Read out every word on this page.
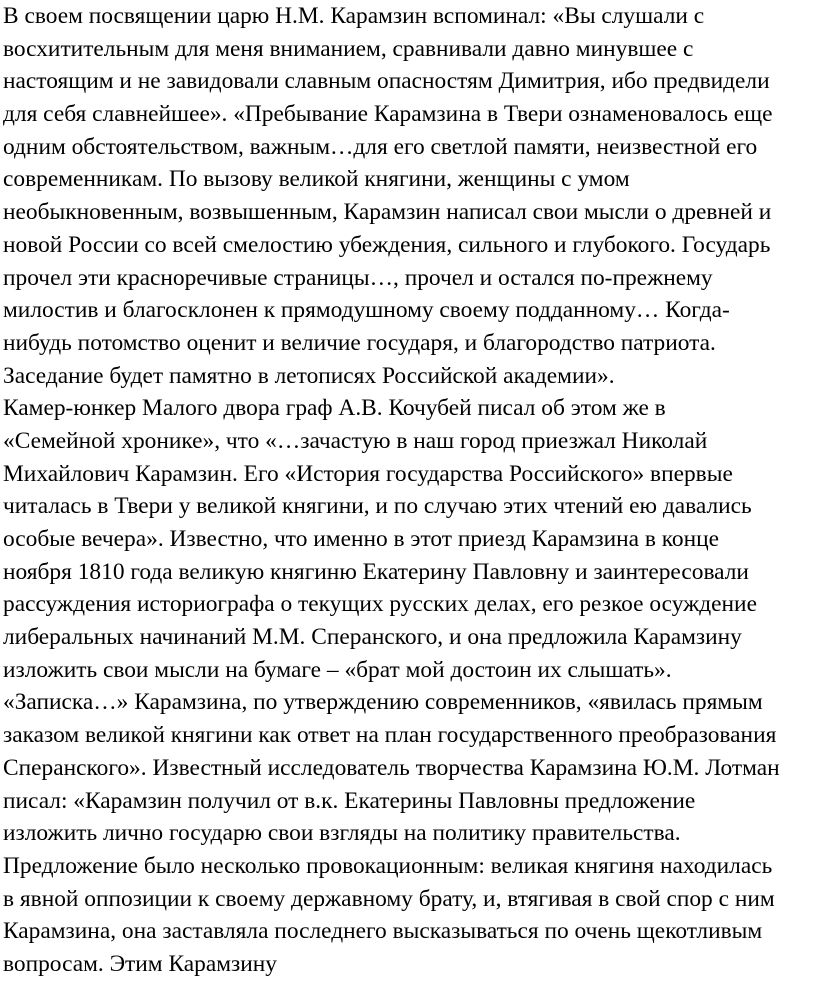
В своем посвящении царю Н.М. Карамзин вспоминал: «Вы слушали с
восхитительным для меня вниманием, сравнивали давно минувшее с
настоящим и не завидовали славным опасностям Димитрия, ибо предвидели
для себя славнейшее». «Пребывание Карамзина в Твери ознаменовалось еще
одним обстоятельством, важным…для его светлой памяти, неизвестной его
современникам. По вызову великой княгини, женщины с умом
необыкновенным, возвышенным, Карамзин написал свои мысли о древней и
новой России со всей смелостию убеждения, сильного и глубокого. Государь
прочел эти красноречивые страницы…, прочел и остался по-прежнему
милостив и благосклонен к прямодушному своему подданному… Когда-
нибудь потомство оценит и величие государя, и благородство патриота.
Заседание будет памятно в летописях Российской академии».
Камер-юнкер Малого двора граф А.В. Кочубей писал об этом же в
«Семейной хронике», что «…зачастую в наш город приезжал Николай
Михайлович Карамзин. Его «История государства Российского» впервые
читалась в Твери у великой княгини, и по случаю этих чтений ею давались
особые вечера». Известно, что именно в этот приезд Карамзина в конце
ноября 1810 года великую княгиню Екатерину Павловну и заинтересовали
рассуждения историографа о текущих русских делах, его резкое осуждение
либеральных начинаний М.М. Сперанского, и она предложила Карамзину
изложить свои мысли на бумаге – «брат мой достоин их слышать».
«Записка…» Карамзина, по утверждению современников, «явилась прямым
заказом великой княгини как ответ на план государственного преобразования
Сперанского». Известный исследователь творчества Карамзина Ю.М. Лотман
писал: «Карамзин получил от в.к. Екатерины Павловны предложение
изложить лично государю свои взгляды на политику правительства.
Предложение было несколько провокационным: великая княгиня находилась
в явной оппозиции к своему державному брату, и, втягивая в свой спор с ним
Карамзина, она заставляла последнего высказываться по очень щекотливым
вопросам. Этим Карамзину
